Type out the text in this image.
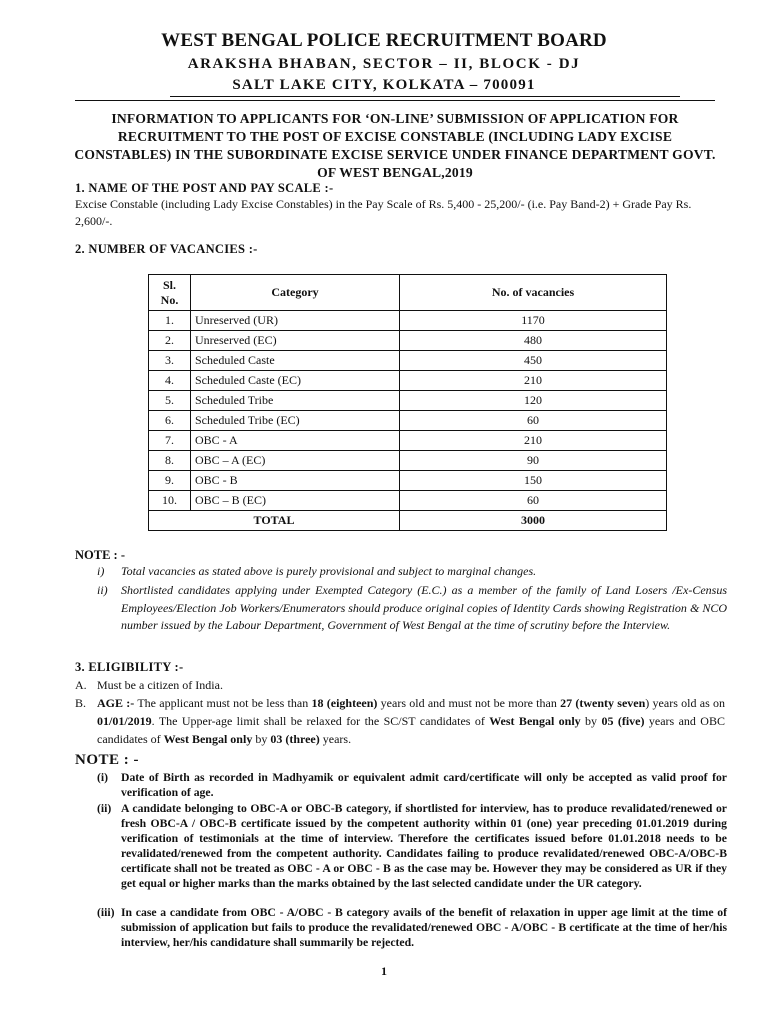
WEST BENGAL POLICE RECRUITMENT BOARD
ARAKSHA BHABAN, SECTOR – II, BLOCK - DJ
SALT LAKE CITY, KOLKATA – 700091
INFORMATION TO APPLICANTS FOR ‘ON-LINE’ SUBMISSION OF APPLICATION FOR RECRUITMENT TO THE POST OF EXCISE CONSTABLE (INCLUDING LADY EXCISE CONSTABLES) IN THE SUBORDINATE EXCISE SERVICE UNDER FINANCE DEPARTMENT GOVT. OF WEST BENGAL,2019
1. NAME OF THE POST AND PAY SCALE :-
Excise Constable (including Lady Excise Constables) in the Pay Scale of Rs. 5,400 - 25,200/- (i.e. Pay Band-2) + Grade Pay Rs. 2,600/-.
2. NUMBER OF VACANCIES :-
Sl. No.	Category	No. of vacancies
1.	Unreserved (UR)	1170
2.	Unreserved (EC)	480
3.	Scheduled Caste	450
4.	Scheduled Caste (EC)	210
5.	Scheduled Tribe	120
6.	Scheduled Tribe (EC)	60
7.	OBC - A	210
8.	OBC – A (EC)	90
9.	OBC - B	150
10.	OBC – B (EC)	60
TOTAL		3000
NOTE : -
i) Total vacancies as stated above is purely provisional and subject to marginal changes.
ii) Shortlisted candidates applying under Exempted Category (E.C.) as a member of the family of Land Losers /Ex-Census Employees/Election Job Workers/Enumerators should produce original copies of Identity Cards showing Registration & NCO number issued by the Labour Department, Government of West Bengal at the time of scrutiny before the Interview.
3. ELIGIBILITY :-
A. Must be a citizen of India.
B. AGE :- The applicant must not be less than 18 (eighteen) years old and must not be more than 27 (twenty seven) years old as on 01/01/2019. The Upper-age limit shall be relaxed for the SC/ST candidates of West Bengal only by 05 (five) years and OBC candidates of West Bengal only by 03 (three) years.
NOTE : -
(i) Date of Birth as recorded in Madhyamik or equivalent admit card/certificate will only be accepted as valid proof for verification of age.
(ii) A candidate belonging to OBC-A or OBC-B category, if shortlisted for interview, has to produce revalidated/renewed or fresh OBC-A / OBC-B certificate issued by the competent authority within 01 (one) year preceding 01.01.2019 during verification of testimonials at the time of interview. Therefore the certificates issued before 01.01.2018 needs to be revalidated/renewed from the competent authority. Candidates failing to produce revalidated/renewed OBC-A/OBC-B certificate shall not be treated as OBC - A or OBC - B as the case may be. However they may be considered as UR if they get equal or higher marks than the marks obtained by the last selected candidate under the UR category.
(iii) In case a candidate from OBC - A/OBC - B category avails of the benefit of relaxation in upper age limit at the time of submission of application but fails to produce the revalidated/renewed OBC - A/OBC - B certificate at the time of her/his interview, her/his candidature shall summarily be rejected.
1
